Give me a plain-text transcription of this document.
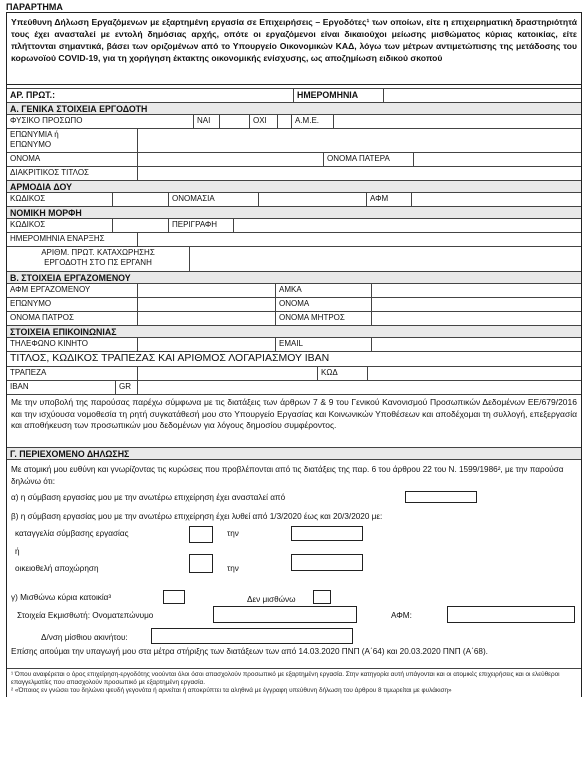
ΠΑΡΑΡΤΗΜΑ
Υπεύθυνη Δήλωση Εργαζόμενων με εξαρτημένη εργασία σε Επιχειρήσεις – Εργοδότες¹ των οποίων, είτε η επιχειρηματική δραστηριότητά τους έχει ανασταλεί με εντολή δημόσιας αρχής, οπότε οι εργαζόμενοι είναι δικαιούχοι μείωσης μισθώματος κύριας κατοικίας, είτε πλήττονται σημαντικά, βάσει των οριζομένων από το Υπουργείο Οικονομικών ΚΑΔ, λόγω των μέτρων αντιμετώπισης της μετάδοσης του κορωνοϊού COVID-19, για τη χορήγηση έκτακτης οικονομικής ενίσχυσης, ως αποζημίωση ειδικού σκοπού
ΑΡ. ΠΡΩΤ.:	ΗΜΕΡΟΜΗΝΙΑ
Α. ΓΕΝΙΚΑ ΣΤΟΙΧΕΙΑ ΕΡΓΟΔΟΤΗ
ΦΥΣΙΚΟ ΠΡΟΣΩΠΟ	ΝΑΙ	ΟΧΙ	Α.Μ.Ε.
ΕΠΩΝΥΜΙΑ ή
ΕΠΩΝΥΜΟ
ΟΝΟΜΑ	ΟΝΟΜΑ ΠΑΤΕΡΑ
ΔΙΑΚΡΙΤΙΚΟΣ ΤΙΤΛΟΣ
ΑΡΜΟΔΙΑ ΔΟΥ
ΚΩΔΙΚΟΣ	ΟΝΟΜΑΣΙΑ	ΑΦΜ
ΝΟΜΙΚΗ ΜΟΡΦΗ
ΚΩΔΙΚΟΣ	ΠΕΡΙΓΡΑΦΗ
ΗΜΕΡΟΜΗΝΙΑ ΕΝΑΡΞΗΣ
ΑΡΙΘΜ. ΠΡΩΤ. ΚΑΤΑΧΩΡΗΣΗΣ
ΕΡΓΟΔΟΤΗ ΣΤΟ ΠΣ ΕΡΓΑΝΗ
Β. ΣΤΟΙΧΕΙΑ ΕΡΓΑΖΟΜΕΝΟΥ
ΑΦΜ ΕΡΓΑΖΟΜΕΝΟΥ	ΑΜΚΑ
ΕΠΩΝΥΜΟ	ΟΝΟΜΑ
ΟΝΟΜΑ ΠΑΤΡΟΣ	ΟΝΟΜΑ ΜΗΤΡΟΣ
ΣΤΟΙΧΕΙΑ ΕΠΙΚΟΙΝΩΝΙΑΣ
ΤΗΛΕΦΩΝΟ ΚΙΝΗΤΟ	EMAIL
ΤΙΤΛΟΣ, ΚΩΔΙΚΟΣ ΤΡΑΠΕΖΑΣ ΚΑΙ ΑΡΙΘΜΟΣ ΛΟΓΑΡΙΑΣΜΟΥ IBAN
ΤΡΑΠΕΖΑ	ΚΩΔ
IBAN	GR
Με την υποβολή της παρούσας παρέχω σύμφωνα με τις διατάξεις των άρθρων 7 & 9 του Γενικού Κανονισμού Προσωπικών Δεδομένων ΕΕ/679/2016 και την ισχύουσα νομοθεσία τη ρητή συγκατάθεσή μου στο Υπουργείο Εργασίας και Κοινωνικών Υποθέσεων και αποδέχομαι τη συλλογή, επεξεργασία και αποθήκευση των προσωπικών μου δεδομένων για λόγους δημοσίου συμφέροντος.
Γ. ΠΕΡΙΕΧΟΜΕΝΟ ΔΗΛΩΣΗΣ
Με ατομική μου ευθύνη και γνωρίζοντας τις κυρώσεις που προβλέπονται από τις διατάξεις της παρ. 6 του άρθρου 22 του Ν. 1599/1986², με την παρούσα δηλώνω ότι:
α) η σύμβαση εργασίας μου με την ανωτέρω επιχείρηση έχει ανασταλεί από
β) η σύμβαση εργασίας μου με την ανωτέρω επιχείρηση έχει λυθεί από 1/3/2020 έως και 20/3/2020 με:
καταγγελία σύμβασης εργασίας	την
ή
οικειοθελή αποχώρηση	την
γ) Μισθώνω κύρια κατοικία³	Δεν μισθώνω
Στοιχεία Εκμισθωτή: Ονοματεπώνυμο	ΑΦΜ:
Δ/νση μίσθιου ακινήτου:
Επίσης αιτούμαι την υπαγωγή μου στα μέτρα στήριξης των διατάξεων των από 14.03.2020 ΠΝΠ (Α΄64) και 20.03.2020 ΠΝΠ (Α΄68).
¹ Όπου αναφέρεται ο όρος επιχείρηση-εργοδότης νοούνται όλοι όσοι απασχολούν προσωπικό με εξαρτημένη εργασία. Στην κατηγορία αυτή υπάγονται και οι ατομικές επιχειρήσεις και οι ελεύθεροι επαγγελματίες που απασχολούν προσωπικό με εξαρτημένη εργασία.
² «Όποιος εν γνώσει του δηλώνει ψευδή γεγονότα ή αρνείται ή αποκρύπτει τα αληθινά με έγγραφη υπεύθυνη δήλωση του άρθρου 8 τιμωρείται με φυλάκιση»
